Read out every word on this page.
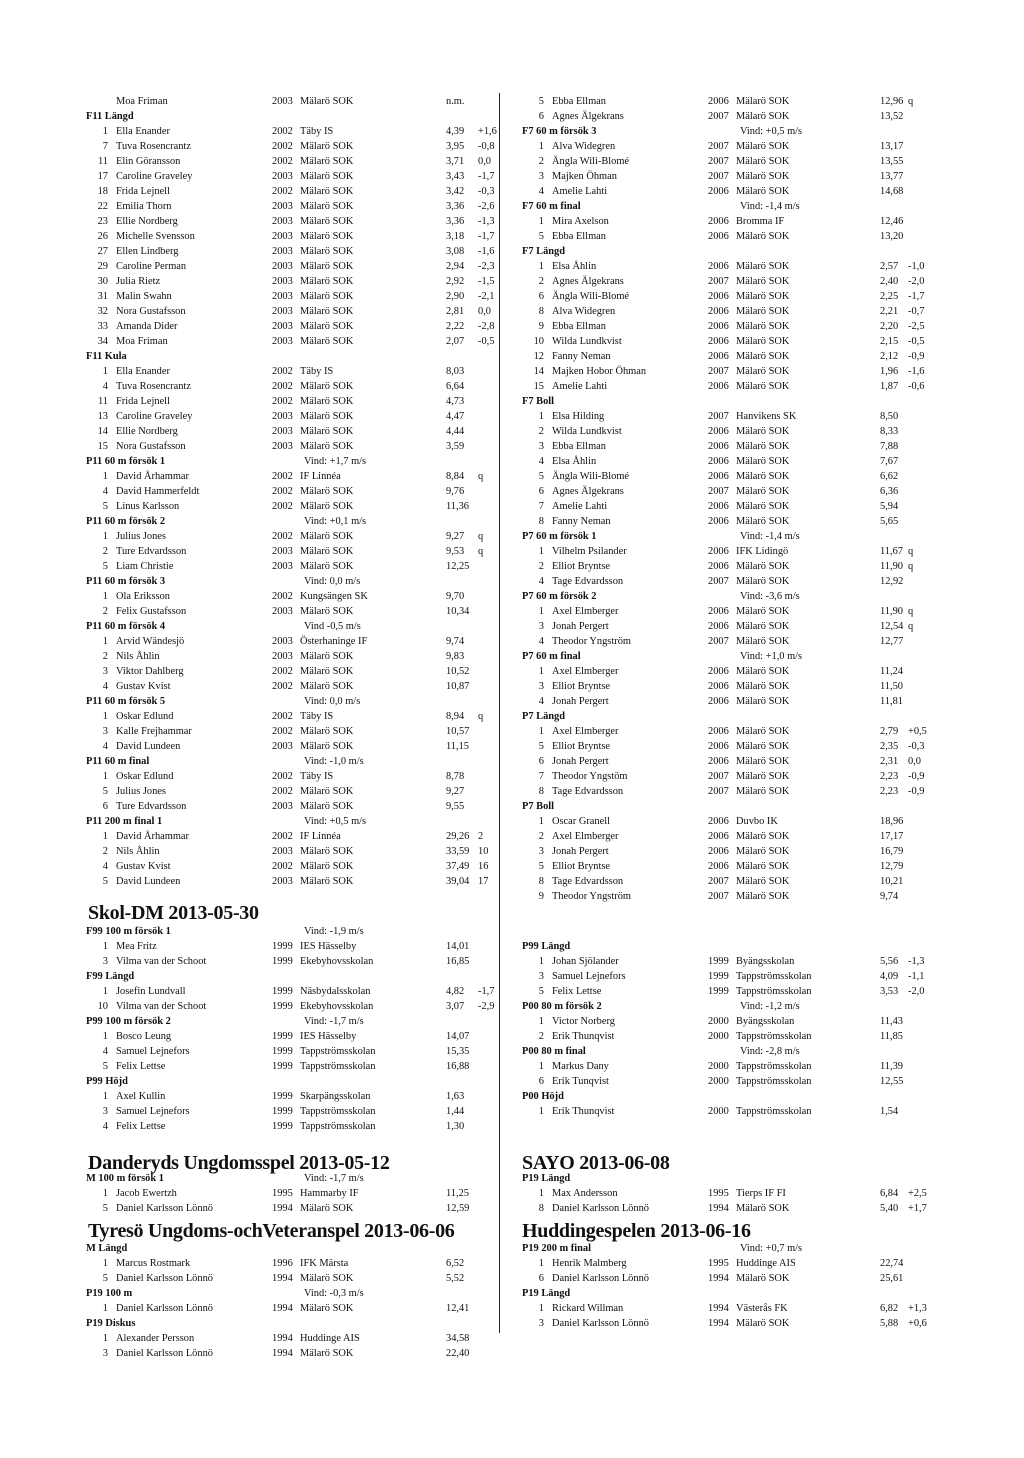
Moa Friman	2003 Mälarö SOK	n.m.
F11 Längd
1 Ella Enander	2002 Täby IS	4,39 +1,6
7 Tuva Rosencrantz	2002 Mälarö SOK	3,95 -0,8
11 Elin Göransson	2002 Mälarö SOK	3,71 0,0
17 Caroline Graveley	2003 Mälarö SOK	3,43 -1,7
18 Frida Lejnell	2002 Mälarö SOK	3,42 -0,3
22 Emilia Thorn	2003 Mälarö SOK	3,36 -2,6
23 Ellie Nordberg	2003 Mälarö SOK	3,36 -1,3
26 Michelle Svensson	2003 Mälarö SOK	3,18 -1,7
27 Ellen Lindberg	2003 Mälarö SOK	3,08 -1,6
29 Caroline Perman	2003 Mälarö SOK	2,94 -2,3
30 Julia Rietz	2003 Mälarö SOK	2,92 -1,5
31 Malin Swahn	2003 Mälarö SOK	2,90 -2,1
32 Nora Gustafsson	2003 Mälarö SOK	2,81 0,0
33 Amanda Dider	2003 Mälarö SOK	2,22 -2,8
34 Moa Friman	2003 Mälarö SOK	2,07 -0,5
F11 Kula
1 Ella Enander	2002 Täby IS	8,03
4 Tuva Rosencrantz	2002 Mälarö SOK	6,64
11 Frida Lejnell	2002 Mälarö SOK	4,73
13 Caroline Graveley	2003 Mälarö SOK	4,47
14 Ellie Nordberg	2003 Mälarö SOK	4,44
15 Nora Gustafsson	2003 Mälarö SOK	3,59
P11 60 m försök 1	Vind: +1,7 m/s
1 David Århammar	2002 IF Linnéa	8,84 q
4 David Hammerfeldt	2002 Mälarö SOK	9,76
5 Linus Karlsson	2002 Mälarö SOK	11,36
P11 60 m försök 2	Vind: +0,1 m/s
1 Julius Jones	2002 Mälarö SOK	9,27 q
2 Ture Edvardsson	2003 Mälarö SOK	9,53 q
5 Liam Christie	2003 Mälarö SOK	12,25
P11 60 m försök 3	Vind: 0,0 m/s
1 Ola Eriksson	2002 Kungsängen SK	9,70
2 Felix Gustafsson	2003 Mälarö SOK	10,34
P11 60 m försök 4	Vind -0,5 m/s
1 Arvid Wändesjö	2003 Österhaninge IF	9,74
2 Nils Åhlin	2003 Mälarö SOK	9,83
3 Viktor Dahlberg	2002 Mälarö SOK	10,52
4 Gustav Kvist	2002 Mälarö SOK	10,87
P11 60 m försök 5	Vind: 0,0 m/s
1 Oskar Edlund	2002 Täby IS	8,94 q
3 Kalle Frejhammar	2002 Mälarö SOK	10,57
4 David Lundeen	2003 Mälarö SOK	11,15
P11 60 m final	Vind: -1,0 m/s
1 Oskar Edlund	2002 Täby IS	8,78
5 Julius Jones	2002 Mälarö SOK	9,27
6 Ture Edvardsson	2003 Mälarö SOK	9,55
P11 200 m final 1	Vind: +0,5 m/s
1 David Århammar	2002 IF Linnéa	29,26 2
2 Nils Åhlin	2003 Mälarö SOK	33,59 10
4 Gustav Kvist	2002 Mälarö SOK	37,49 16
5 David Lundeen	2003 Mälarö SOK	39,04 17
5 Ebba Ellman	2006 Mälarö SOK	12,96 q
6 Agnes Älgekrans	2007 Mälarö SOK	13,52
F7 60 m försök 3	Vind: +0,5 m/s
1 Alva Widegren	2007 Mälarö SOK	13,17
2 Ängla Wili-Blomé	2007 Mälarö SOK	13,55
3 Majken Öhman	2007 Mälarö SOK	13,77
4 Amelie Lahti	2006 Mälarö SOK	14,68
F7 60 m final	Vind: -1,4 m/s
1 Mira Axelson	2006 Bromma IF	12,46
5 Ebba Ellman	2006 Mälarö SOK	13,20
F7 Längd
1 Elsa Åhlin	2006 Mälarö SOK	2,57 -1,0
2 Agnes Älgekrans	2007 Mälarö SOK	2,40 -2,0
6 Ängla Wili-Blomé	2006 Mälarö SOK	2,25 -1,7
8 Alva Widegren	2006 Mälarö SOK	2,21 -0,7
9 Ebba Ellman	2006 Mälarö SOK	2,20 -2,5
10 Wilda Lundkvist	2006 Mälarö SOK	2,15 -0,5
12 Fanny Neman	2006 Mälarö SOK	2,12 -0,9
14 Majken Hobor Öhman	2007 Mälarö SOK	1,96 -1,6
15 Amelie Lahti	2006 Mälarö SOK	1,87 -0,6
F7 Boll
1 Elsa Hilding	2007 Hanvikens SK	8,50
2 Wilda Lundkvist	2006 Mälarö SOK	8,33
3 Ebba Ellman	2006 Mälarö SOK	7,88
4 Elsa Åhlin	2006 Mälarö SOK	7,67
5 Ängla Wili-Blomé	2006 Mälarö SOK	6,62
6 Agnes Älgekrans	2007 Mälarö SOK	6,36
7 Amelie Lahti	2006 Mälarö SOK	5,94
8 Fanny Neman	2006 Mälarö SOK	5,65
P7 60 m försök 1	Vind: -1,4 m/s
1 Vilhelm Psilander	2006 IFK Lidingö	11,67 q
2 Elliot Bryntse	2006 Mälarö SOK	11,90 q
4 Tage Edvardsson	2007 Mälarö SOK	12,92
P7 60 m försök 2	Vind: -3,6 m/s
1 Axel Elmberger	2006 Mälarö SOK	11,90 q
3 Jonah Pergert	2006 Mälarö SOK	12,54 q
4 Theodor Yngström	2007 Mälarö SOK	12,77
P7 60 m final	Vind: +1,0 m/s
1 Axel Elmberger	2006 Mälarö SOK	11,24
3 Elliot Bryntse	2006 Mälarö SOK	11,50
4 Jonah Pergert	2006 Mälarö SOK	11,81
P7 Längd
1 Axel Elmberger	2006 Mälarö SOK	2,79 +0,5
5 Elliot Bryntse	2006 Mälarö SOK	2,35 -0,3
6 Jonah Pergert	2006 Mälarö SOK	2,31 0,0
7 Theodor Yngstöm	2007 Mälarö SOK	2,23 -0,9
8 Tage Edvardsson	2007 Mälarö SOK	2,23 -0,9
P7 Boll
1 Oscar Granell	2006 Duvbo IK	18,96
2 Axel Elmberger	2006 Mälarö SOK	17,17
3 Jonah Pergert	2006 Mälarö SOK	16,79
5 Elliot Bryntse	2006 Mälarö SOK	12,79
8 Tage Edvardsson	2007 Mälarö SOK	10,21
9 Theodor Yngström	2007 Mälarö SOK	9,74
Skol-DM 2013-05-30
F99 100 m försök 1	Vind: -1,9 m/s
1 Mea Fritz	1999 IES Hässelby	14,01
3 Vilma van der Schoot	1999 Ekebyhovsskolan	16,85
F99 Längd
1 Josefin Lundvall	1999 Näsbydalsskolan	4,82 -1,7
10 Vilma van der Schoot	1999 Ekebyhovsskolan	3,07 -2,9
P99 100 m försök 2	Vind: -1,7 m/s
1 Bosco Leung	1999 IES Hässelby	14,07
4 Samuel Lejnefors	1999 Tappströmsskolan	15,35
5 Felix Lettse	1999 Tappströmsskolan	16,88
P99 Höjd
1 Axel Kullin	1999 Skarpängsskolan	1,63
3 Samuel Lejnefors	1999 Tappströmsskolan	1,44
4 Felix Lettse	1999 Tappströmsskolan	1,30
P99 Längd
1 Johan Sjölander	1999 Byängsskolan	5,56 -1,3
3 Samuel Lejnefors	1999 Tappströmsskolan	4,09 -1,1
5 Felix Lettse	1999 Tappströmsskolan	3,53 -2,0
P00 80 m försök 2	Vind: -1,2 m/s
1 Victor Norberg	2000 Byängsskolan	11,43
2 Erik Thunqvist	2000 Tappströmsskolan	11,85
P00 80 m final	Vind: -2,8 m/s
1 Markus Dany	2000 Tappströmsskolan	11,39
6 Erik Tunqvist	2000 Tappströmsskolan	12,55
P00 Höjd
1 Erik Thunqvist	2000 Tappströmsskolan	1,54
Danderyds Ungdomsspel 2013-05-12
M 100 m försök 1	Vind: -1,7 m/s
1 Jacob Ewertzh	1995 Hammarby IF	11,25
5 Daniel Karlsson Lönnö	1994 Mälarö SOK	12,59
Tyresö Ungdoms-ochVeteranspel 2013-06-06
M Längd
1 Marcus Rostmark	1996 IFK Märsta	6,52
5 Daniel Karlsson Lönnö	1994 Mälarö SOK	5,52
P19 100 m	Vind: -0,3 m/s
1 Daniel Karlsson Lönnö	1994 Mälarö SOK	12,41
P19 Diskus
1 Alexander Persson	1994 Huddinge AIS	34,58
3 Daniel Karlsson Lönnö	1994 Mälarö SOK	22,40
SAYO 2013-06-08
P19 Längd
1 Max Andersson	1995 Tierps IF FI	6,84 +2,5
8 Daniel Karlsson Lönnö	1994 Mälarö SOK	5,40 +1,7
Huddingespelen 2013-06-16
P19 200 m final	Vind: +0,7 m/s
1 Henrik Malmberg	1995 Huddinge AIS	22,74
6 Daniel Karlsson Lönnö	1994 Mälarö SOK	25,61
P19 Längd
1 Rickard Willman	1994 Västerås FK	6,82 +1,3
3 Daniel Karlsson Lönnö	1994 Mälarö SOK	5,88 +0,6
